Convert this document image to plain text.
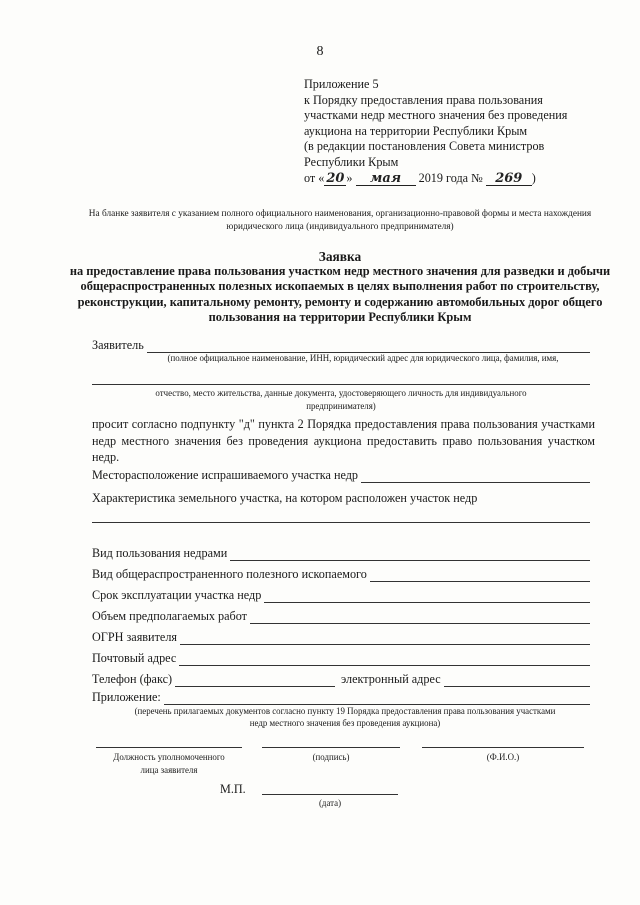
8
Приложение 5
к Порядку предоставления права пользования
участками недр местного значения без проведения
аукциона на территории Республики Крым
(в редакции постановления Совета министров
Республики Крым
от « 20 » мая 2019 года № 269 )
На бланке заявителя с указанием полного официального наименования, организационно-правовой формы и места нахождения юридического лица (индивидуального предпринимателя)
Заявка
на предоставление права пользования участком недр местного значения для разведки и добычи общераспространенных полезных ископаемых в целях выполнения работ по строительству, реконструкции, капитальному ремонту, ремонту и содержанию автомобильных дорог общего пользования на территории Республики Крым
Заявитель
(полное официальное наименование, ИНН, юридический адрес для юридического лица, фамилия, имя,
отчество, место жительства, данные документа, удостоверяющего личность для индивидуального
предпринимателя)
просит согласно подпункту "д" пункта 2 Порядка предоставления права пользования участками недр местного значения без проведения аукциона предоставить право пользования участком недр.
Месторасположение испрашиваемого участка недр
Характеристика земельного участка, на котором расположен участок недр
Вид пользования недрами
Вид общераспространенного полезного ископаемого
Срок эксплуатации участка недр
Объем предполагаемых работ
ОГРН заявителя
Почтовый адрес
Телефон (факс)	электронный адрес
Приложение:
(перечень прилагаемых документов согласно пункту 19 Порядка предоставления права пользования участками
недр местного значения без проведения аукциона)
Должность уполномоченного
лица заявителя
(подпись)	(Ф.И.О.)
М.П.
(дата)
